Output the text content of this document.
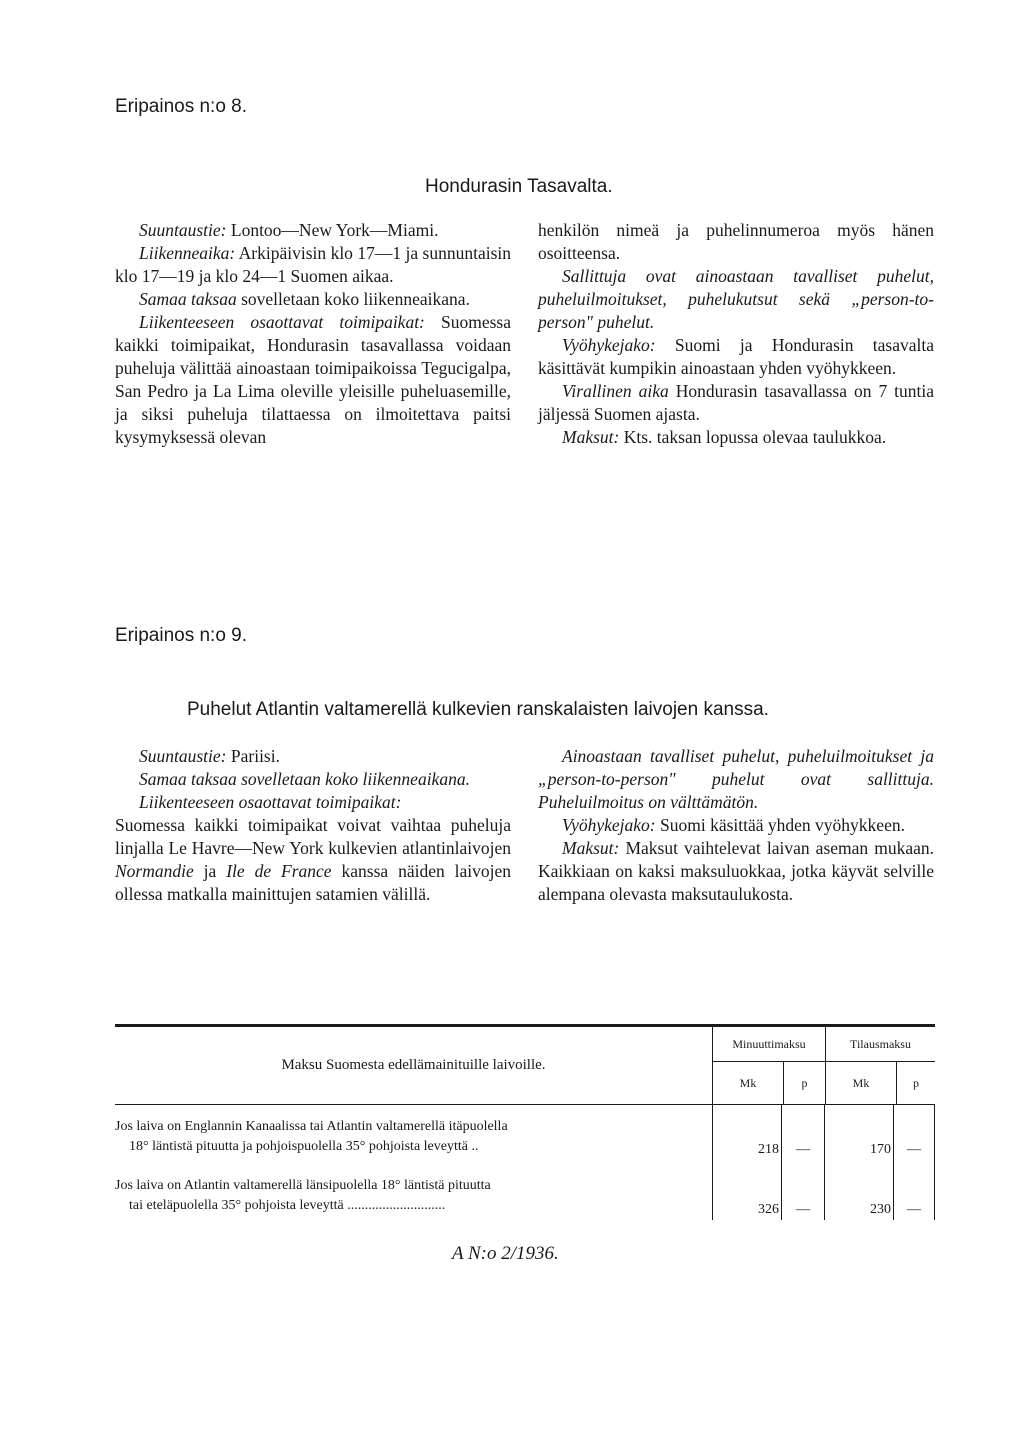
Eripainos n:o 8.
Hondurasin Tasavalta.

Suuntaustie: Lontoo—New York—Miami.

Liikenneaika: Arkipäivisin klo 17—1 ja sunnuntaisin klo 17—19 ja klo 24—1 Suomen aikaa.

Samaa taksaa sovelletaan koko liikenneaikana.

Liikenteeseen osaottavat toimipaikat: Suomessa kaikki toimipaikat, Hondurasin tasavallassa voidaan puheluja välittää ainoastaan toimipaikoissa Tegucigalpa, San Pedro ja La Lima oleville yleisille puheluasemille, ja siksi puheluja tilattaessa on ilmoitettava paitsi kysymyksessä olevan

henkilön nimeä ja puhelinnumeroa myös hänen osoitteensa.

Sallittuja ovat ainoastaan tavalliset puhelut, puheluilmoitukset, puhelukutsut sekä „person-to-person" puhelut.

Vyöhykejako: Suomi ja Hondurasin tasavalta käsittävät kumpikin ainoastaan yhden vyöhykkeen.

Virallinen aika Hondurasin tasavallassa on 7 tuntia jäljessä Suomen ajasta.

Maksut: Kts. taksan lopussa olevaa taulukkoa.

Eripainos n:o 9.
Puhelut Atlantin valtamerellä kulkevien ranskalaisten laivojen kanssa.

Suuntaustie: Pariisi.

Samaa taksaa sovelletaan koko liikenneaikana.

Liikenteeseen osaottavat toimipaikat:

Suomessa kaikki toimipaikat voivat vaihtaa puheluja linjalla Le Havre—New York kulkevien atlantinlaivojen Normandie ja Ile de France kanssa näiden laivojen ollessa matkalla mainittujen satamien välillä.

Ainoastaan tavalliset puhelut, puheluilmoitukset ja „person-to-person" puhelut ovat sallittuja. Puheluilmoitus on välttämätön.

Vyöhykejako: Suomi käsittää yhden vyöhykkeen.

Maksut: Maksut vaihtelevat laivan aseman mukaan. Kaikkiaan on kaksi maksuluokkaa, jotka käyvät selville alempana olevasta maksutaulukosta.

Maksu Suomesta edellämainituille laivoille.
Minuuttimaksu
Mk	p
Tilausmaksu
Mk	p
Jos laiva on Englannin Kanaalissa tai Atlantin valtamerellä itäpuolella
18° läntistä pituutta ja pohjoispuolella 35° pohjoista leveyttä ..	218	—	170	—
Jos laiva on Atlantin valtamerellä länsipuolella 18° läntistä pituutta
tai eteläpuolella 35° pohjoista leveyttä ............................	326	—	230	—
A N:o 2/1936.
